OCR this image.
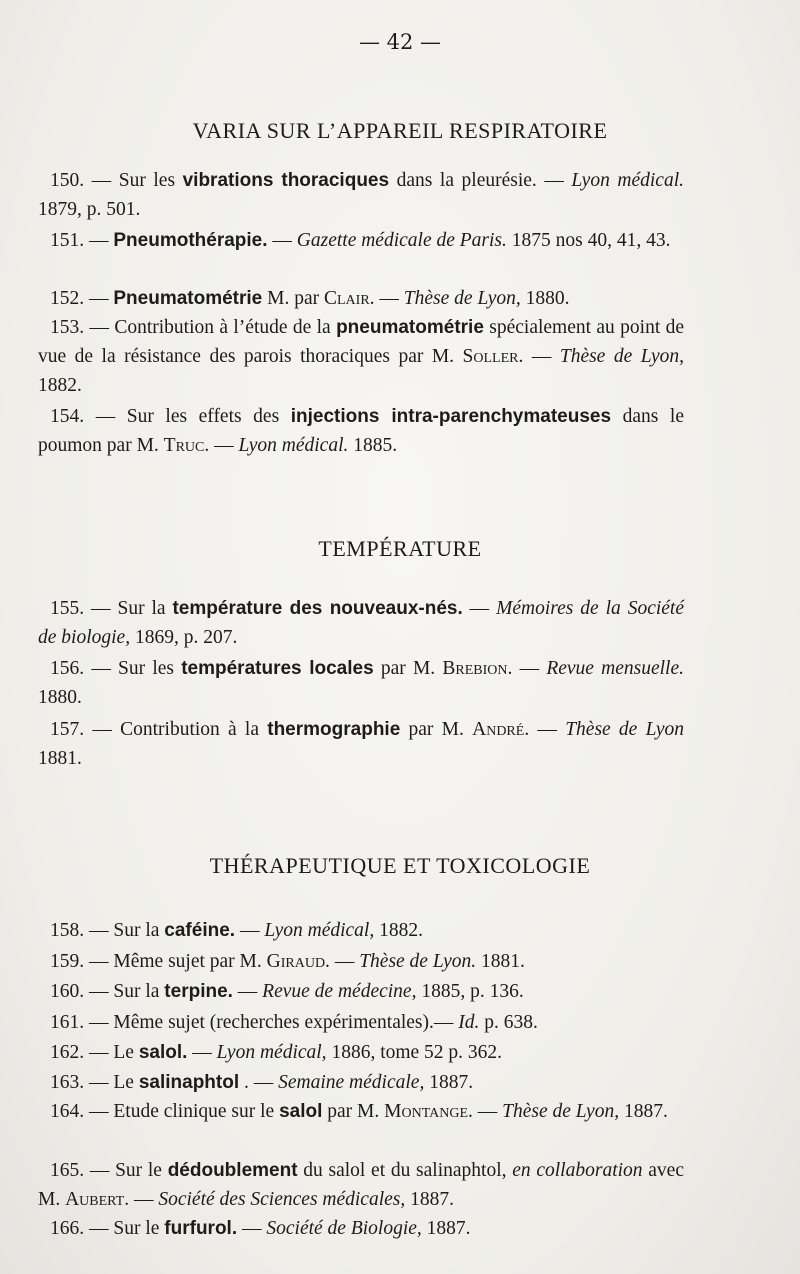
— 42 —
VARIA SUR L’APPAREIL RESPIRATOIRE
150. — Sur les vibrations thoraciques dans la pleurésie. — Lyon médical. 1879, p. 501.
151. — Pneumothérapie. — Gazette médicale de Paris. 1875 nos 40, 41, 43.
152. — Pneumatométrie M. par Clair. — Thèse de Lyon, 1880.
153. — Contribution à l’étude de la pneumatométrie spécialement au point de vue de la résistance des parois thoraciques par M. Soller. — Thèse de Lyon, 1882.
154. — Sur les effets des injections intra-parenchymateuses dans le poumon par M. Truc. — Lyon médical. 1885.
TEMPÉRATURE
155. — Sur la température des nouveaux-nés. — Mémoires de la Société de biologie, 1869, p. 207.
156. — Sur les températures locales par M. Brebion. — Revue mensuelle. 1880.
157. — Contribution à la thermographie par M. André. — Thèse de Lyon 1881.
THÉRAPEUTIQUE ET TOXICOLOGIE
158. — Sur la caféine. — Lyon médical, 1882.
159. — Même sujet par M. Giraud. — Thèse de Lyon. 1881.
160. — Sur la terpine. — Revue de médecine, 1885, p. 136.
161. — Même sujet (recherches expérimentales).— Id. p. 638.
162. — Le salol. — Lyon médical, 1886, tome 52 p. 362.
163. — Le salinaphtol . — Semaine médicale, 1887.
164. — Etude clinique sur le salol par M. Montange. — Thèse de Lyon, 1887.
165. — Sur le dédoublement du salol et du salinaphtol, en collaboration avec M. Aubert. — Société des Sciences médicales, 1887.
166. — Sur le furfurol. — Société de Biologie, 1887.
